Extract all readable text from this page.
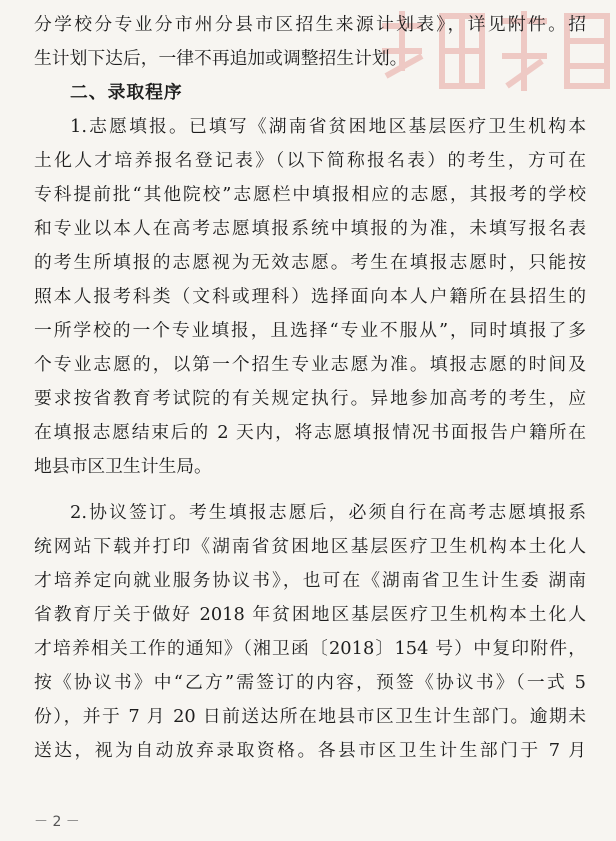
分学校分专业分市州分县市区招生来源计划表》，详见附件。招
生计划下达后，一律不再追加或调整招生计划。
二、录取程序
1.志愿填报。已填写《湖南省贫困地区基层医疗卫生机构本
土化人才培养报名登记表》（以下简称报名表）的考生，方可在
专科提前批“其他院校”志愿栏中填报相应的志愿，其报考的学校
和专业以本人在高考志愿填报系统中填报的为准，未填写报名表
的考生所填报的志愿视为无效志愿。考生在填报志愿时，只能按
照本人报考科类（文科或理科）选择面向本人户籍所在县招生的
一所学校的一个专业填报，且选择“专业不服从”，同时填报了多
个专业志愿的，以第一个招生专业志愿为准。填报志愿的时间及
要求按省教育考试院的有关规定执行。异地参加高考的考生，应
在填报志愿结束后的 2 天内，将志愿填报情况书面报告户籍所在
地县市区卫生计生局。
2.协议签订。考生填报志愿后，必须自行在高考志愿填报系
统网站下载并打印《湖南省贫困地区基层医疗卫生机构本土化人
才培养定向就业服务协议书》，也可在《湖南省卫生计生委 湖南
省教育厅关于做好 2018 年贫困地区基层医疗卫生机构本土化人
才培养相关工作的通知》（湘卫函〔2018〕154 号）中复印附件，
按《协议书》中“乙方”需签订的内容，预签《协议书》（一式 5
份），并于 7 月 20 日前送达所在地县市区卫生计生部门。逾期未
送达，视为自动放弃录取资格。各县市区卫生计生部门于 7 月
－ 2 －
